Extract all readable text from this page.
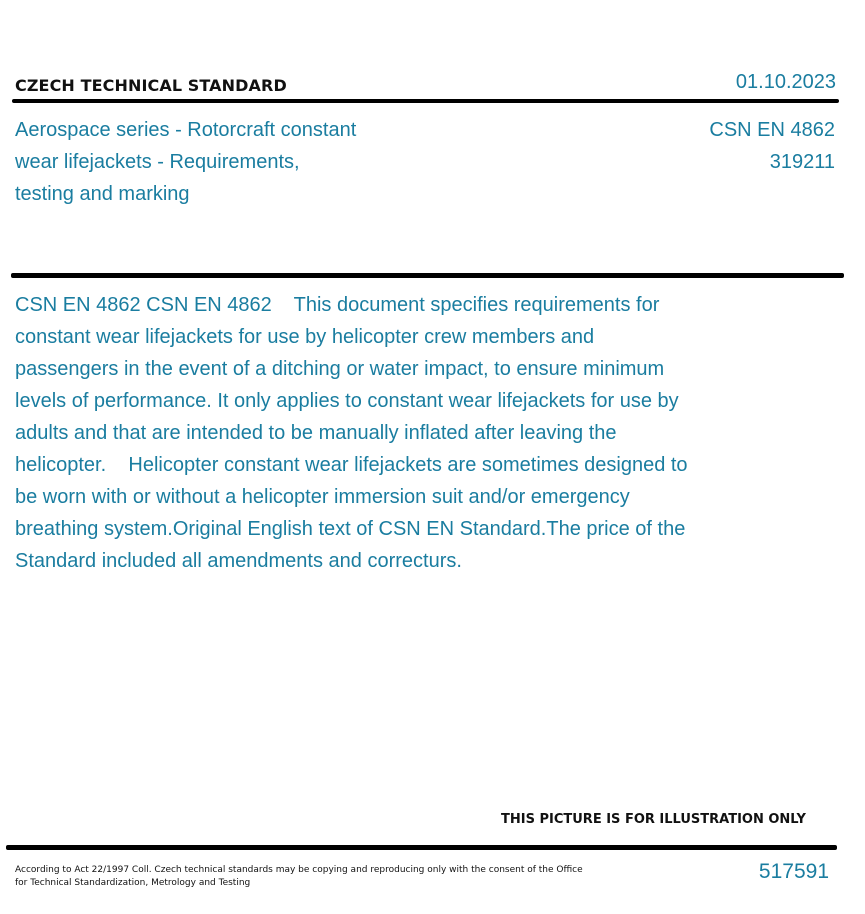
CZECH TECHNICAL STANDARD	01.10.2023
Aerospace series - Rotorcraft constant
wear lifejackets - Requirements,
testing and marking
CSN EN 4862
319211
CSN EN 4862 CSN EN 4862    This document specifies requirements for constant wear lifejackets for use by helicopter crew members and passengers in the event of a ditching or water impact, to ensure minimum levels of performance. It only applies to constant wear lifejackets for use by adults and that are intended to be manually inflated after leaving the helicopter.    Helicopter constant wear lifejackets are sometimes designed to be worn with or without a helicopter immersion suit and/or emergency breathing system.Original English text of CSN EN Standard.The price of the Standard included all amendments and correcturs.
THIS PICTURE IS FOR ILLUSTRATION ONLY
According to Act 22/1997 Coll. Czech technical standards may be copying and reproducing only with the consent of the Office
for Technical Standardization, Metrology and Testing	517591
